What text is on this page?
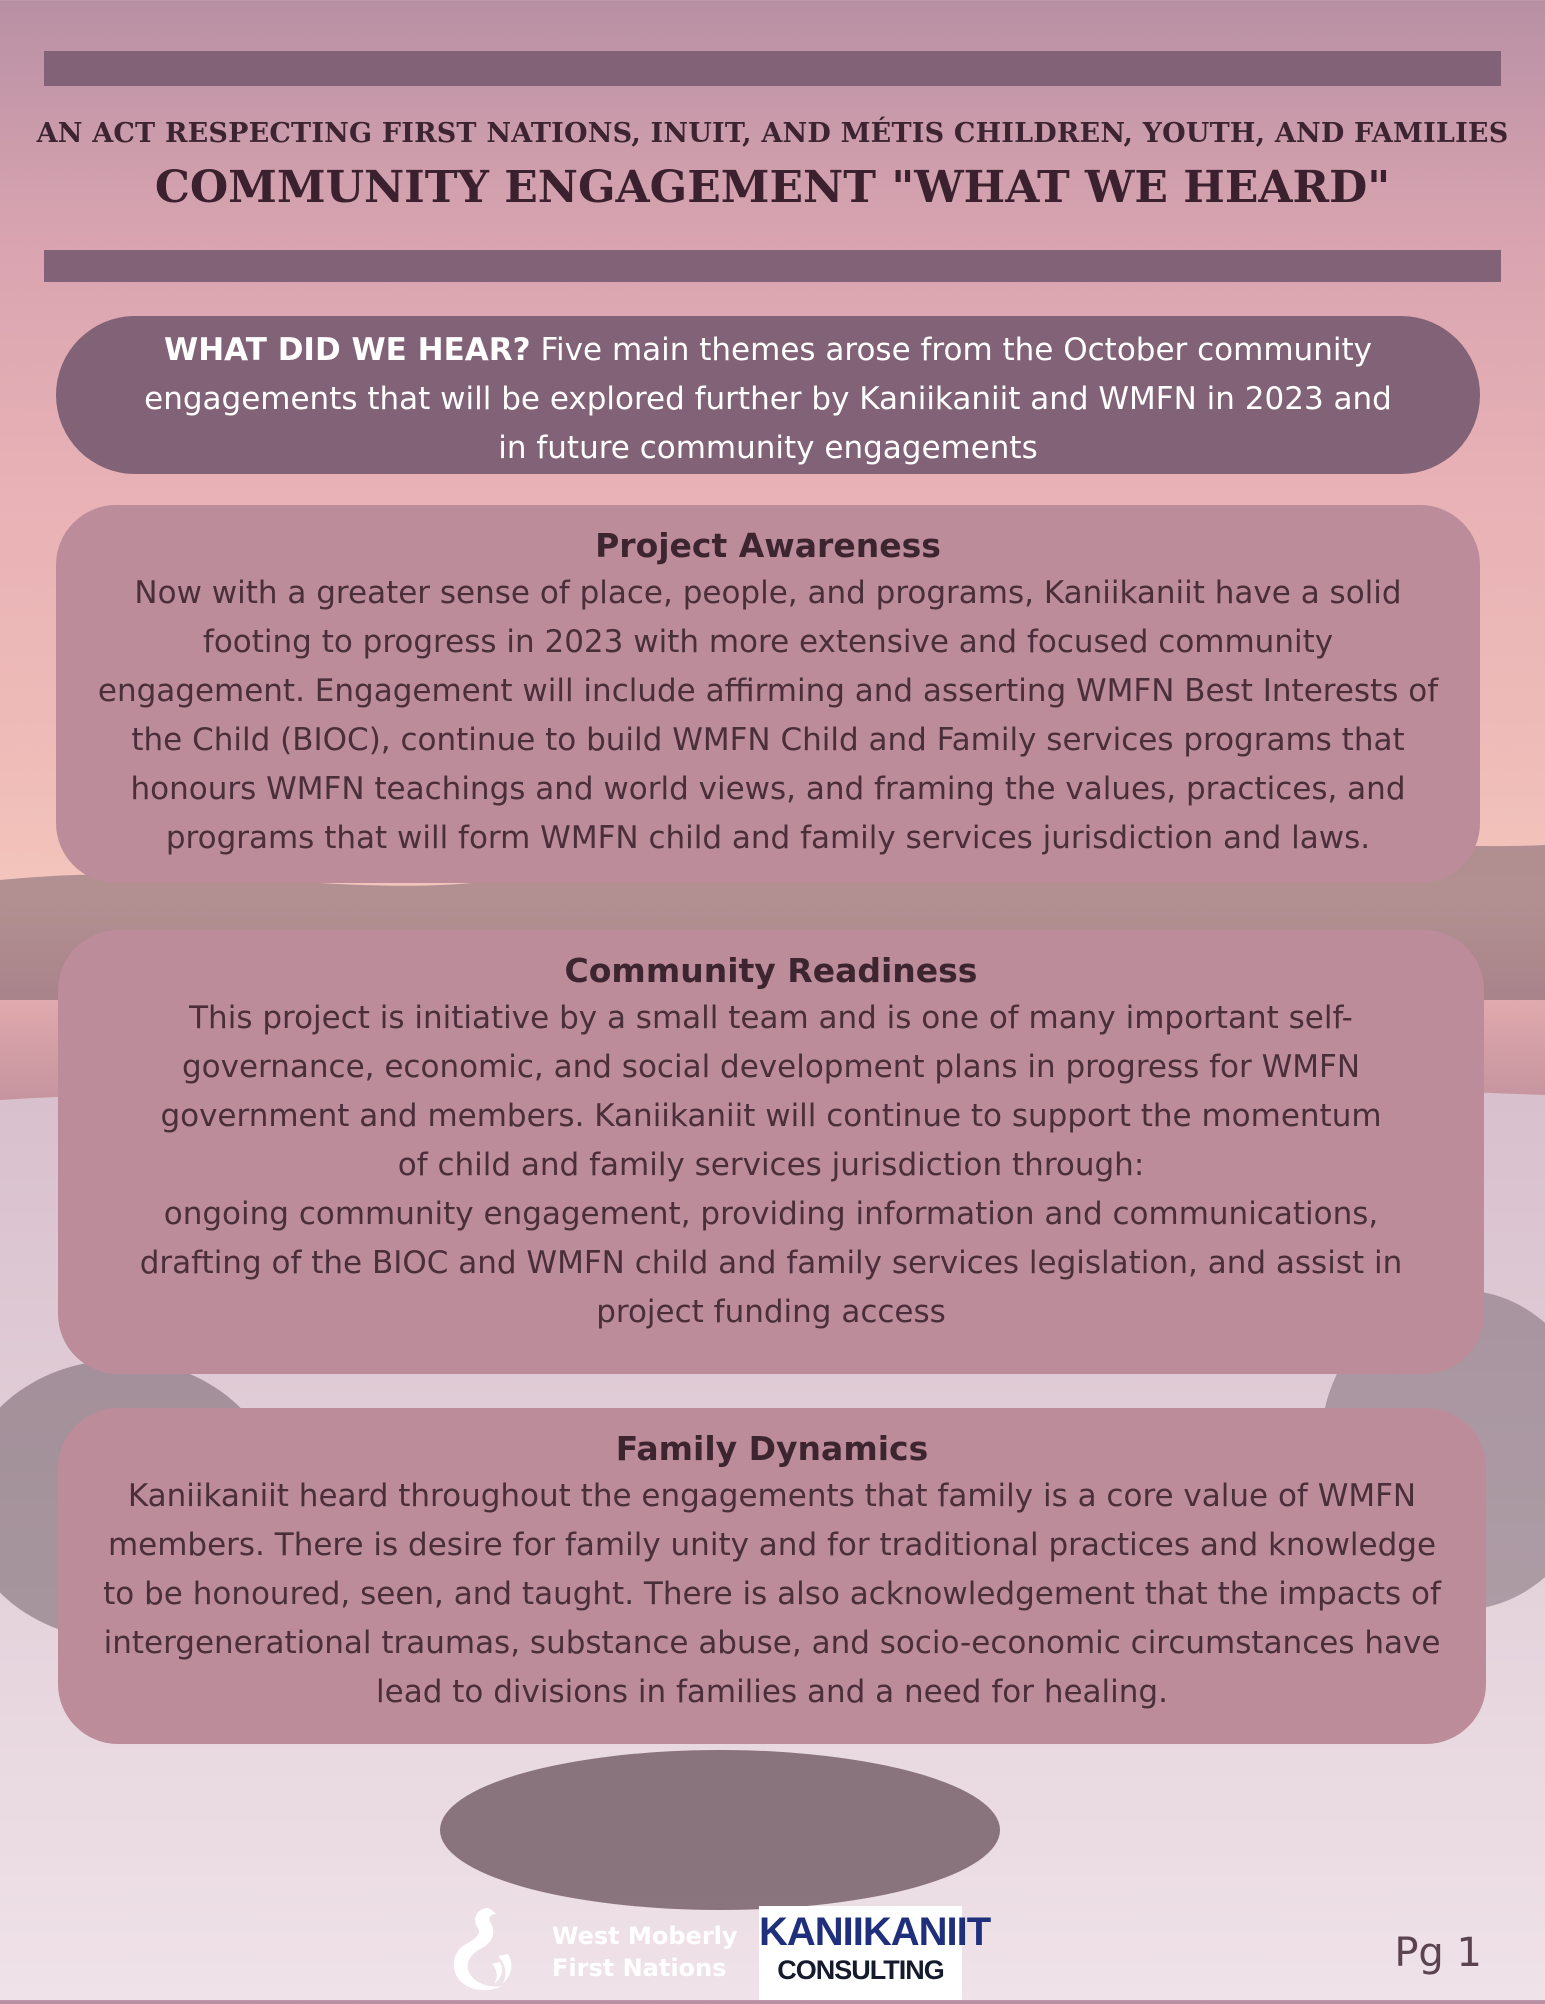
AN ACT RESPECTING FIRST NATIONS, INUIT, AND MÉTIS CHILDREN, YOUTH, AND FAMILIES
COMMUNITY ENGAGEMENT "WHAT WE HEARD"
WHAT DID WE HEAR? Five main themes arose from the October community engagements that will be explored further by Kaniikaniit and WMFN in 2023 and in future community engagements
Project Awareness

Now with a greater sense of place, people, and programs, Kaniikaniit have a solid footing to progress in 2023 with more extensive and focused community engagement. Engagement will include affirming and asserting WMFN Best Interests of the Child (BIOC), continue to build WMFN Child and Family services programs that honours WMFN teachings and world views, and framing the values, practices, and programs that will form WMFN child and family services jurisdiction and laws.

Community Readiness

This project is initiative by a small team and is one of many important self-governance, economic, and social development plans in progress for WMFN government and members. Kaniikaniit will continue to support the momentum of child and family services jurisdiction through:

ongoing community engagement, providing information and communications, drafting of the BIOC and WMFN child and family services legislation, and assist in project funding access

Family Dynamics

Kaniikaniit heard throughout the engagements that family is a core value of WMFN members. There is desire for family unity and for traditional practices and knowledge to be honoured, seen, and taught. There is also acknowledgement that the impacts of intergenerational traumas, substance abuse, and socio-economic circumstances have lead to divisions in families and a need for healing.

West Moberly
First Nations
KANIIKANIIT
CONSULTING	Pg 1
